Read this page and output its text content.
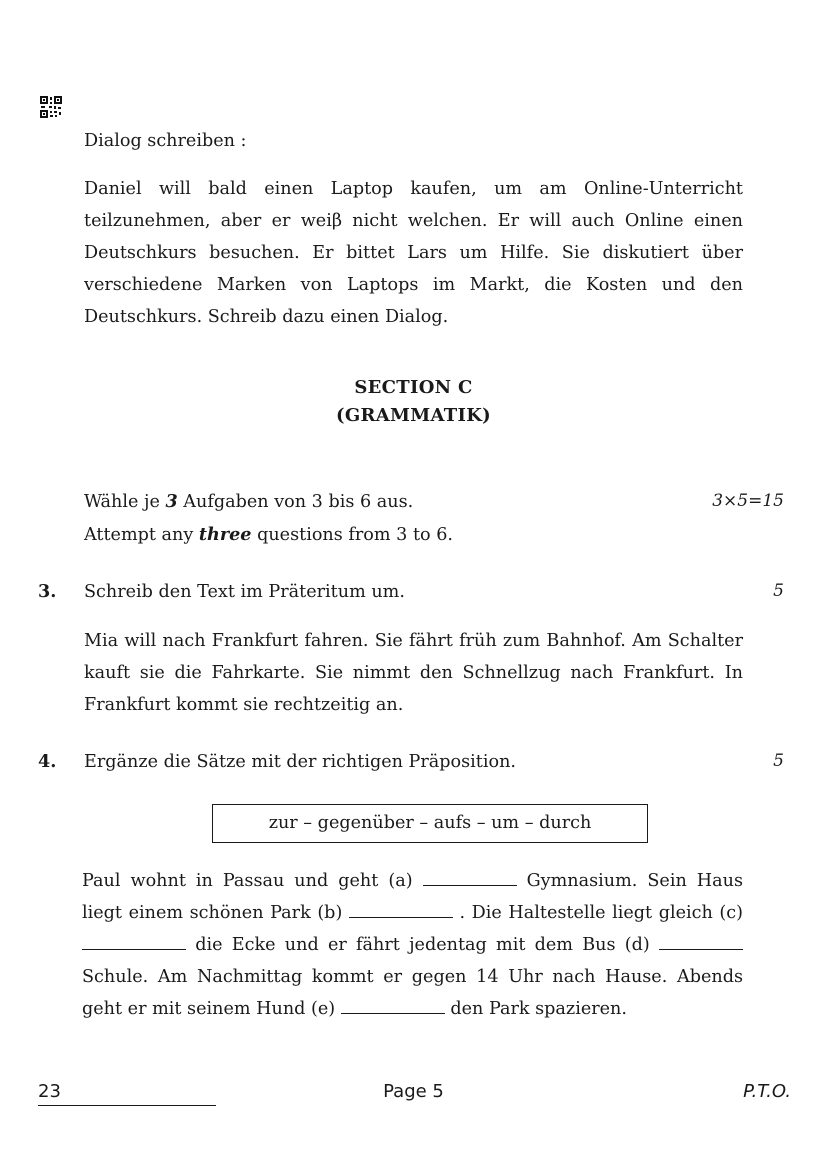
Dialog schreiben :
Daniel will bald einen Laptop kaufen, um am Online-Unterricht teilzunehmen, aber er weiβ nicht welchen. Er will auch Online einen Deutschkurs besuchen. Er bittet Lars um Hilfe. Sie diskutiert über verschiedene Marken von Laptops im Markt, die Kosten und den Deutschkurs. Schreib dazu einen Dialog.
SECTION C
(GRAMMATIK)
Wähle je 3 Aufgaben von 3 bis 6 aus.	3×5=15
Attempt any three questions from 3 to 6.
3. Schreib den Text im Präteritum um.	5
Mia will nach Frankfurt fahren. Sie fährt früh zum Bahnhof. Am Schalter kauft sie die Fahrkarte. Sie nimmt den Schnellzug nach Frankfurt. In Frankfurt kommt sie rechtzeitig an.
4. Ergänze die Sätze mit der richtigen Präposition.	5
zur – gegenüber – aufs – um – durch
Paul wohnt in Passau und geht (a)	Gymnasium. Sein Haus liegt einem schönen Park (b)	. Die Haltestelle liegt gleich (c)  die Ecke und er fährt jedentag mit dem Bus (d)  Schule. Am Nachmittag kommt er gegen 14 Uhr nach Hause. Abends geht er mit seinem Hund (e)	den Park spazieren.
23	Page 5	P.T.O.
